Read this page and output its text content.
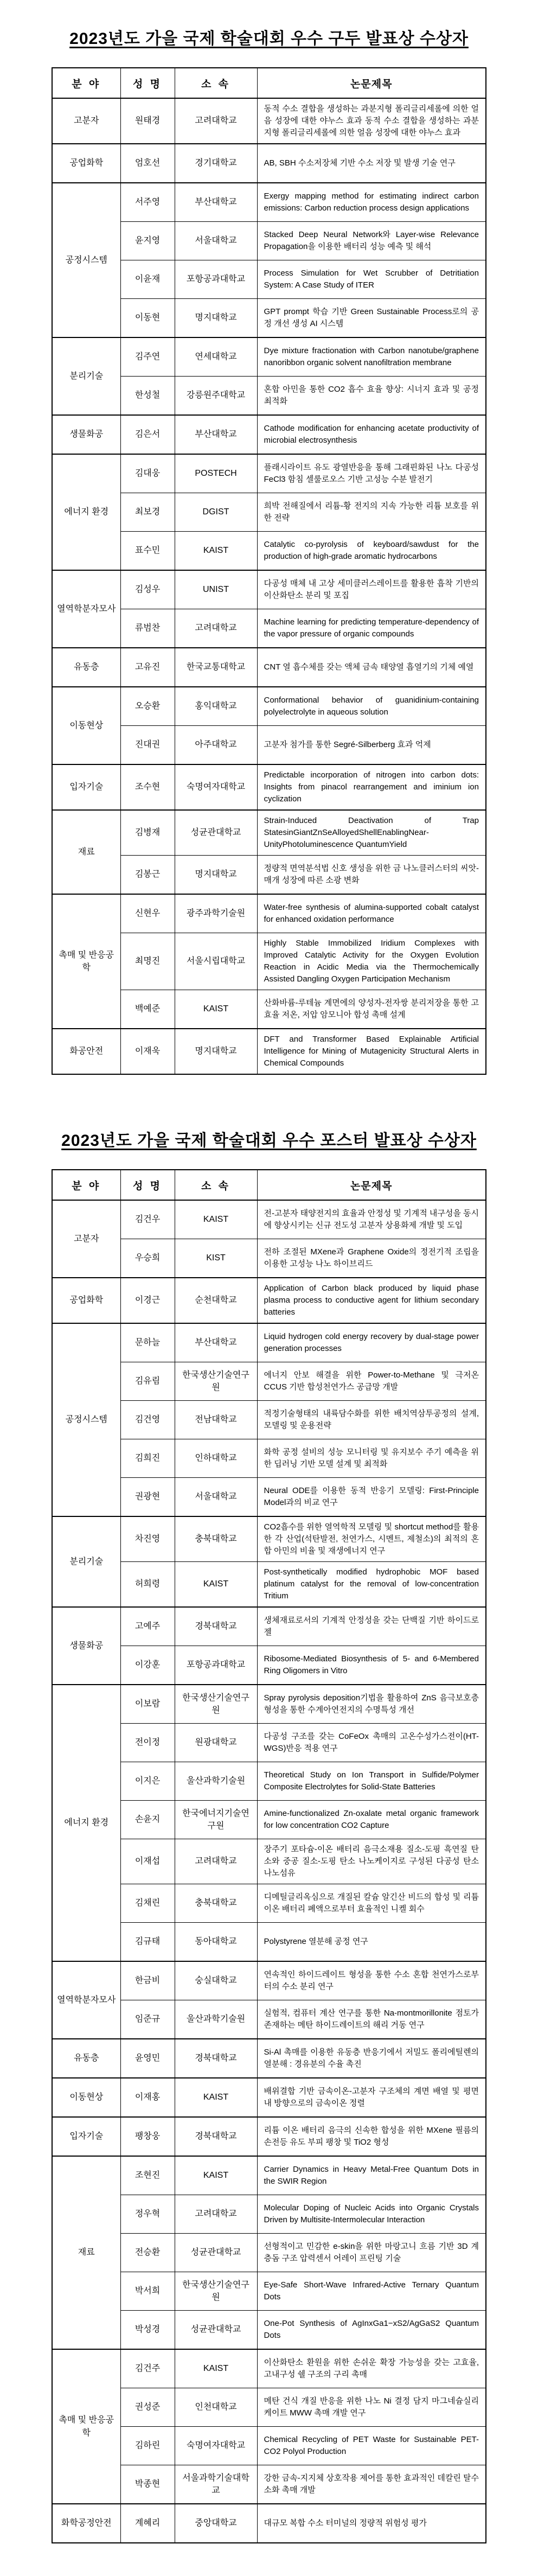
2023년도 가을 국제 학술대회 우수 구두 발표상 수상자
분 야	성 명	소 속	논문제목
고분자	원태경	고려대학교	동적 수소 결합을 생성하는 과분지형 폴리글리세롤에 의한 얼음 성장에 대한 야누스 효과 동적 수소 결합을 생성하는 과분지형 폴리글리세롤에 의한 얼음 성장에 대한 야누스 효과
공업화학	엄호선	경기대학교	AB, SBH 수소저장체 기반 수소 저장 및 발생 기술 연구
공정시스템	서주영	부산대학교	Exergy mapping method for estimating indirect carbon emissions: Carbon reduction process design applications
	윤지영	서울대학교	Stacked Deep Neural Network와 Layer-wise Relevance Propagation을 이용한 배터리 성능 예측 및 해석
	이윤재	포항공과대학교	Process Simulation for Wet Scrubber of Detritiation System: A Case Study of ITER
	이동현	명지대학교	GPT prompt 학습 기반 Green Sustainable Process로의 공정 개선 생성 AI 시스템
분리기술	김주연	연세대학교	Dye mixture fractionation with Carbon nanotube/graphene nanoribbon organic solvent nanofiltration membrane
	한성철	강릉원주대학교	혼합 아민을 통한 CO2 흡수 효율 향상: 시너지 효과 및 공정 최적화
생물화공	김은서	부산대학교	Cathode modification for enhancing acetate productivity of microbial electrosynthesis
에너지 환경	김대웅	POSTECH	플래시라이트 유도 광열반응을 통해 그래핀화된 나노 다공성 FeCl3 함침 셀룰로오스 기반 고성능 수분 발전기
	최보경	DGIST	희박 전해질에서 리튬-황 전지의 지속 가능한 리튬 보호를 위한 전략
	표수민	KAIST	Catalytic co-pyrolysis of keyboard/sawdust for the production of high-grade aromatic hydrocarbons
열역학분자모사	김성우	UNIST	다공성 매체 내 고상 세미클러스레이트를 활용한 흡착 기반의 이산화탄소 분리 및 포집
	류범찬	고려대학교	Machine learning for predicting temperature-dependency of the vapor pressure of organic compounds
유동층	고유진	한국교통대학교	CNT 열 흡수체를 갖는 액체 금속 태양열 흡열기의 기체 예열
이동현상	오승환	홍익대학교	Conformational behavior of guanidinium-containing polyelectrolyte in aqueous solution
	진대권	아주대학교	고분자 첨가를 통한 Segré-Silberberg 효과 억제
입자기술	조수현	숙명여자대학교	Predictable incorporation of nitrogen into carbon dots: Insights from pinacol rearrangement and iminium ion cyclization
재료	김병재	성균관대학교	Strain-Induced Deactivation of Trap StatesinGiantZnSeAlloyedShellEnablingNear-UnityPhotoluminescence QuantumYield
	김봉근	명지대학교	정량적 면역분석법 신호 생성을 위한 금 나노클러스터의 씨앗-매개 성장에 따른 소광 변화
촉매 및 반응공학	신현우	광주과학기술원	Water-free synthesis of alumina-supported cobalt catalyst for enhanced oxidation performance
	최명진	서울시립대학교	Highly Stable Immobilized Iridium Complexes with Improved Catalytic Activity for the Oxygen Evolution Reaction in Acidic Media via the Thermochemically Assisted Dangling Oxygen Participation Mechanism
	백예준	KAIST	산화바륨-루테늄 계면에의 양성자-전자쌍 분리저장을 통한 고효율 저온, 저압 암모니아 합성 촉매 설계
화공안전	이재욱	명지대학교	DFT and Transformer Based Explainable Artificial Intelligence for Mining of Mutagenicity Structural Alerts in Chemical Compounds
2023년도 가을 국제 학술대회 우수 포스터 발표상 수상자
분 야	성 명	소 속	논문제목
고분자	김건우	KAIST	전-고분자 태양전지의 효율과 안정성 및 기계적 내구성을 동시에 향상시키는 신규 전도성 고분자 상용화제 개발 및 도입
	우승희	KIST	전하 조절된 MXene과 Graphene Oxide의 정전기적 조립을 이용한 고성능 나노 하이브리드
공업화학	이경근	순천대학교	Application of Carbon black produced by liquid phase plasma process to conductive agent for lithium secondary batteries
공정시스템	문하늘	부산대학교	Liquid hydrogen cold energy recovery by dual-stage power generation processes
	김유림	한국생산기술연구원	에너지 안보 해결을 위한 Power-to-Methane 및 극저온 CCUS 기반 합성천연가스 공급망 개발
	김건영	전남대학교	적정기술형태의 내륙담수화를 위한 배치역삼투공정의 설계, 모델링 및 운용전략
	김희진	인하대학교	화학 공정 설비의 성능 모니터링 및 유지보수 주기 예측을 위한 딥러닝 기반 모델 설계 및 최적화
	권광현	서울대학교	Neural ODE를 이용한 동적 반응기 모델링: First-Principle Model과의 비교 연구
분리기술	차진영	충북대학교	CO2흡수를 위한 열역학적 모델링 및 shortcut method를 활용한 각 산업(석탄발전, 천연가스, 시멘트, 제철소)의 최적의 혼합 아민의 비율 및 재생에너지 연구
	허희령	KAIST	Post-synthetically modified hydrophobic MOF based platinum catalyst for the removal of low-concentration Tritium
생물화공	고예주	경북대학교	생체재료로서의 기계적 안정성을 갖는 단백질 기반 하이드로젤
	이강훈	포항공과대학교	Ribosome-Mediated Biosynthesis of 5- and 6-Membered Ring Oligomers in Vitro
에너지 환경	이보람	한국생산기술연구원	Spray pyrolysis deposition기법을 활용하여 ZnS 음극보호층 형성을 통한 수계아연전지의 수명특성 개선
	전이정	원광대학교	다공성 구조를 갖는 CoFeOx 촉매의 고온수성가스전이(HT-WGS)반응 적용 연구
	이지은	울산과학기술원	Theoretical Study on Ion Transport in Sulfide/Polymer Composite Electrolytes for Solid-State Batteries
	손윤지	한국에너지기술연구원	Amine-functionalized Zn-oxalate metal organic framework for low concentration CO2 Capture
	이재섭	고려대학교	장주기 포타슘-이온 배터리 음극소재용 질소-도핑 흑연질 탄소와 중공 질소-도핑 탄소 나노케이지로 구성된 다공성 탄소 나노섬유
	김채린	충북대학교	디메틸글리옥심으로 개질된 칼슘 알긴산 비드의 합성 및 리튬 이온 배터리 폐액으로부터 효율적인 니켈 회수
	김규태	동아대학교	Polystyrene 열분해 공정 연구
열역학분자모사	한금비	숭실대학교	연속적인 하이드레이트 형성을 통한 수소 혼합 천연가스로부터의 수소 분리 연구
	임준규	울산과학기술원	실험적, 컴퓨터 계산 연구를 통한 Na-montmorillonite 점토가 존재하는 메탄 하이드레이트의 해리 거동 연구
유동층	윤영민	경북대학교	Si-Al 촉매를 이용한 유동층 반응기에서 저밀도 폴리에틸렌의 열분해 : 경유분의 수율 촉진
이동현상	이재홍	KAIST	배위결합 기반 금속이온-고분자 구조체의 계면 배열 및 평면 내 방향으로의 금속이온 정렬
입자기술	팽창웅	경북대학교	리튬 이온 배터리 음극의 신속한 합성을 위한 MXene 필름의 손전등 유도 부피 팽창 및 TiO2 형성
재료	조현진	KAIST	Carrier Dynamics in Heavy Metal-Free Quantum Dots in the SWIR Region
	정우혁	고려대학교	Molecular Doping of Nucleic Acids into Organic Crystals Driven by Multisite-Intermolecular Interaction
	전승환	성균관대학교	선형적이고 민감한 e-skin을 위한 마랑고니 흐름 기반 3D 계층돔 구조 압력센서 어레이 프린팅 기술
	박서희	한국생산기술연구원	Eye-Safe Short-Wave Infrared-Active Ternary Quantum Dots
	박성경	성균관대학교	One-Pot Synthesis of AgInxGa1−xS2/AgGaS2 Quantum Dots
촉매 및 반응공학	김건주	KAIST	이산화탄소 환원을 위한 손쉬운 확장 가능성을 갖는 고효율, 고내구성 쉘 구조의 구리 촉매
	권성준	인천대학교	메탄 건식 개질 반응을 위한 나노 Ni 결정 담지 마그네슘실리케이트 MWW 촉매 개발 연구
	김하린	숙명여자대학교	Chemical Recycling of PET Waste for Sustainable PET-CO2 Polyol Production
	박종현	서울과학기술대학교	강한 금속-지지체 상호작용 제어를 통한 효과적인 데칼린 탈수소화 촉매 개발
화학공정안전	계혜리	중앙대학교	대규모 복합 수소 터미널의 정량적 위험성 평가
